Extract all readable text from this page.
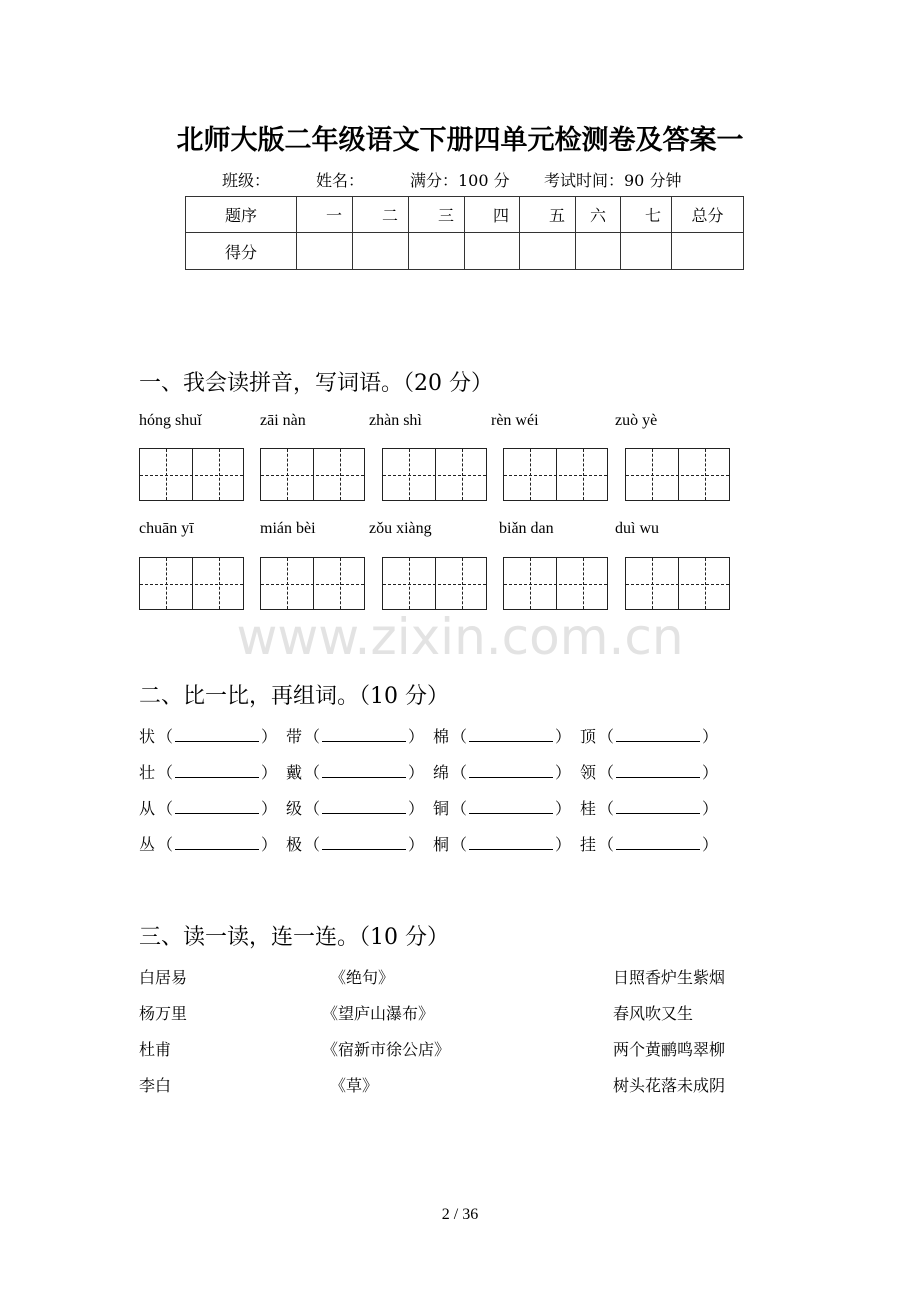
北师大版二年级语文下册四单元检测卷及答案一
班级：	姓名：	满分：100 分 考试时间：90 分钟
题序	一	二	三	四	五	六	七	总分
得分								
一、我会读拼音，写词语。（20 分）
hóng shuǐ	zāi nàn	zhàn shì	rèn wéi	zuò yè
chuān yī	mián bèi	zǒu xiàng	biǎn dan	duì wu
www.zixin.com.cn
二、比一比，再组词。（10 分）
状 （	） 带 （	） 棉 （	） 顶 （	）
壮 （	） 戴 （	） 绵 （	） 领 （	）
从 （	） 级 （	） 铜 （	） 桂 （	）
丛 （	） 极 （	） 桐 （	） 挂 （	）
三、读一读，连一连。（10 分）
白居易	《绝句》	日照香炉生紫烟
杨万里	《望庐山瀑布》	春风吹又生
杜甫	《宿新市徐公店》	两个黄鹂鸣翠柳
李白	《草》	树头花落未成阴
2 / 36
